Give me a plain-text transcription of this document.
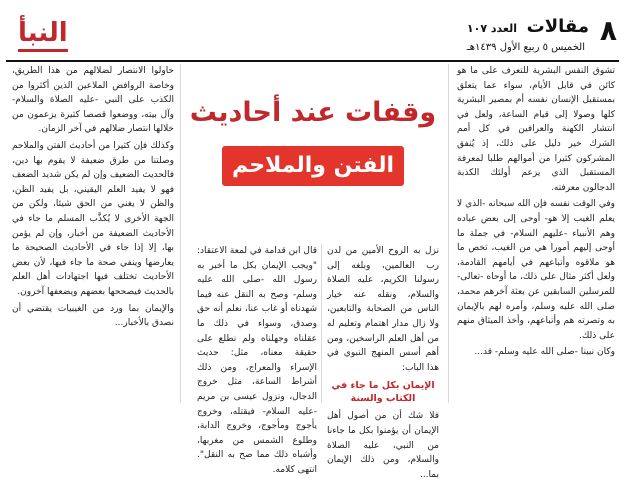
٨
مقالات
العدد ١٠٧
الخميس ٥ ربيع الأول ١٤٣٩هـ
النبأ

تشوق النفس البشرية للتعرف على ما هو كائن في قابل الأيام، سواء عما يتعلق بمستقبل الإنسان نفسه أم بمصير البشرية كلها وصولا إلى قيام الساعة، ولعل في انتشار الكهنة والعرافين في كل أمم الشرك خير دليل على ذلك، إذ يُنفق المشركون كثيرا من أموالهم طلبا لمعرفة المستقبل الذي يزعم أولئك الكذبة الدجالون معرفته.

وفي الوقت نفسه فإن الله سبحانه -الذي لا يعلم الغيب إلا هو- أوحى إلى بعض عباده وهم الأنبياء -عليهم السلام- في جملة ما أوحى إليهم أمورا هي من الغيب، تخص ما هو ملاقوه وأتباعهم في أيامهم القادمة، ولعل أكثر مثال على ذلك، ما أوحاه -تعالى- للمرسلين السابقين عن بعثة آخرهم محمد، صلى الله عليه وسلم، وأمره لهم بالإيمان به وتصرته هم وأتباعهم، وأخذ الميثاق منهم على ذلك.

وكان نبينا -صلى الله عليه وسلم- قد...

وقفات عند أحاديث
الفتن والملاحم

نزل به الروح الأمين من لدن رب العالمين، وبلغه إلى رسولنا الكريم، عليه الصلاة والسلام، ونقله عنه خيار الناس من الصحابة والتابعين، ولا زال مدار اهتمام وتعليم له من أهل العلم الراسخين، ومن أهم أسس المنهج النبوي في هذا الباب:

الإيمان بكل ما جاء في الكتاب والسنة

فلا شك أن من أصول أهل الإيمان أن يؤمنوا بكل ما جاءنا من النبي، عليه الصلاة والسلام، ومن ذلك الإيمان بما...

قال ابن قدامة في لمعة الاعتقاد: "ويجب الإيمان بكل ما أخبر به رسول الله -صلى الله عليه وسلم- وصح به النقل عنه فيما شهدناه أو غاب عنا، نعلم أنه حق وصدق، وسواء في ذلك ما عقلناه وجهلناه ولم نطلع على حقيقة معناه، مثل: حديث الإسراء والمعراج، ومن ذلك أشراط الساعة، مثل خروج الدجال، ونزول عيسى بن مريم -عليه السلام- فيقتله، وخروج يأجوج ومأجوج، وخروج الدابة، وطلوع الشمس من مغربها، وأشباه ذلك مما صح به النقل". انتهى كلامه.

حاولوا الانتصار لضلالهم من هذا الطريق، وخاصة الروافض الملاعين الذين أكثروا من الكذب على النبي -عليه الصلاة والسلام- وآل بيته، ووضعوا قصصا كثيرة يزعمون من خلالها انتصار ضلالهم في آخر الزمان.

وكذلك فإن كثيرا من أحاديث الفتن والملاحم وصلتنا من طرق ضعيفة لا يقوم بها دين، فالحديث الضعيف وإن لم يكن شديد الضعف فهو لا يفيد العلم اليقيني، بل يفيد الظن، والظن لا يغني من الحق شيئا، ولكن من الجهة الأخرى لا يُكذَّب المسلم ما جاء في الأحاديث الضعيفة من أخبار، وإن لم يؤمن بها، إلا إذا جاء في الأحاديث الصحيحة ما يعارضها وينفي صحة ما جاء فيها، لأن بعض الأحاديث تختلف فيها اجتهادات أهل العلم بالحديث فيصححها بعضهم ويضعفها آخرون.

والإيمان بما ورد من الغيبيات يقتضي أن نصدق بالأخبار...
